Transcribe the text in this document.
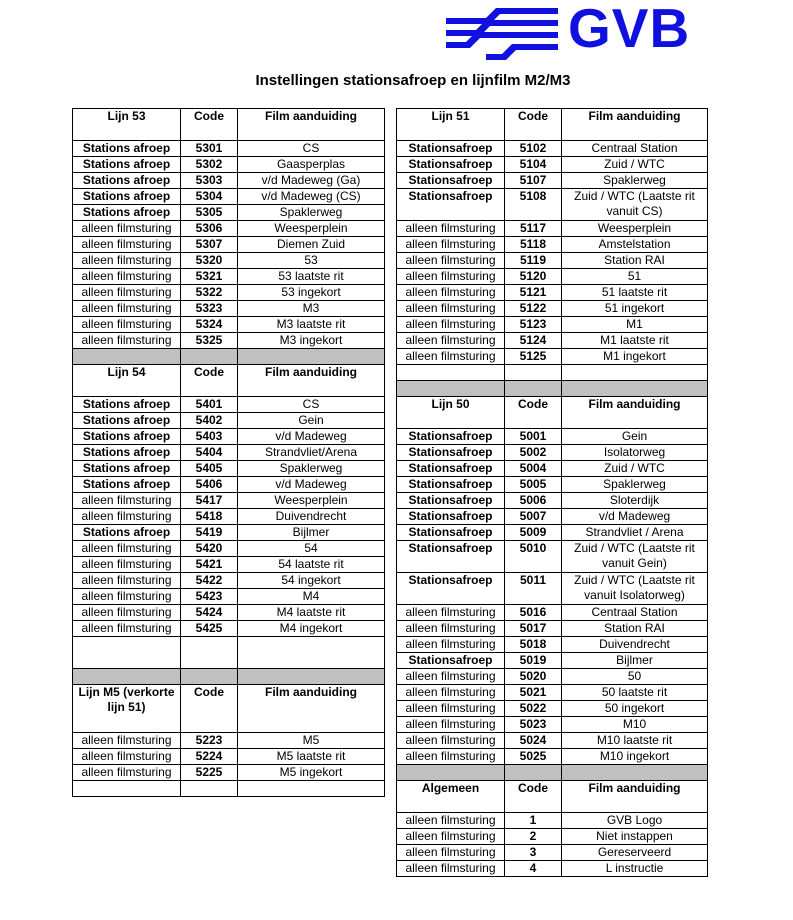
GVB
Instellingen stationsafroep en lijnfilm M2/M3
Lijn 53	Code	Film aanduiding
Stations afroep	5301	CS
Stations afroep	5302	Gaasperplas
Stations afroep	5303	v/d Madeweg (Ga)
Stations afroep	5304	v/d Madeweg (CS)
Stations afroep	5305	Spaklerweg
alleen filmsturing	5306	Weesperplein
alleen filmsturing	5307	Diemen Zuid
alleen filmsturing	5320	53
alleen filmsturing	5321	53 laatste rit
alleen filmsturing	5322	53 ingekort
alleen filmsturing	5323	M3
alleen filmsturing	5324	M3 laatste rit
alleen filmsturing	5325	M3 ingekort

Lijn 54	Code	Film aanduiding
Stations afroep	5401	CS
Stations afroep	5402	Gein
Stations afroep	5403	v/d Madeweg
Stations afroep	5404	Strandvliet/Arena
Stations afroep	5405	Spaklerweg
Stations afroep	5406	v/d Madeweg
alleen filmsturing	5417	Weesperplein
alleen filmsturing	5418	Duivendrecht
Stations afroep	5419	Bijlmer
alleen filmsturing	5420	54
alleen filmsturing	5421	54 laatste rit
alleen filmsturing	5422	54 ingekort
alleen filmsturing	5423	M4
alleen filmsturing	5424	M4 laatste rit
alleen filmsturing	5425	M4 ingekort

Lijn M5 (verkorte lijn 51)	Code	Film aanduiding
alleen filmsturing	5223	M5
alleen filmsturing	5224	M5 laatste rit
alleen filmsturing	5225	M5 ingekort

Lijn 51	Code	Film aanduiding
Stationsafroep	5102	Centraal Station
Stationsafroep	5104	Zuid / WTC
Stationsafroep	5107	Spaklerweg
Stationsafroep	5108	Zuid / WTC (Laatste rit vanuit CS)
alleen filmsturing	5117	Weesperplein
alleen filmsturing	5118	Amstelstation
alleen filmsturing	5119	Station RAI
alleen filmsturing	5120	51
alleen filmsturing	5121	51 laatste rit
alleen filmsturing	5122	51 ingekort
alleen filmsturing	5123	M1
alleen filmsturing	5124	M1 laatste rit
alleen filmsturing	5125	M1 ingekort

Lijn 50	Code	Film aanduiding
Stationsafroep	5001	Gein
Stationsafroep	5002	Isolatorweg
Stationsafroep	5004	Zuid / WTC
Stationsafroep	5005	Spaklerweg
Stationsafroep	5006	Sloterdijk
Stationsafroep	5007	v/d Madeweg
Stationsafroep	5009	Strandvliet / Arena
Stationsafroep	5010	Zuid / WTC (Laatste rit vanuit Gein)
Stationsafroep	5011	Zuid / WTC (Laatste rit vanuit Isolatorweg)
alleen filmsturing	5016	Centraal Station
alleen filmsturing	5017	Station RAI
alleen filmsturing	5018	Duivendrecht
Stationsafroep	5019	Bijlmer
alleen filmsturing	5020	50
alleen filmsturing	5021	50 laatste rit
alleen filmsturing	5022	50 ingekort
alleen filmsturing	5023	M10
alleen filmsturing	5024	M10 laatste rit
alleen filmsturing	5025	M10 ingekort

Algemeen	Code	Film aanduiding
alleen filmsturing	1	GVB Logo
alleen filmsturing	2	Niet instappen
alleen filmsturing	3	Gereserveerd
alleen filmsturing	4	L instructie
